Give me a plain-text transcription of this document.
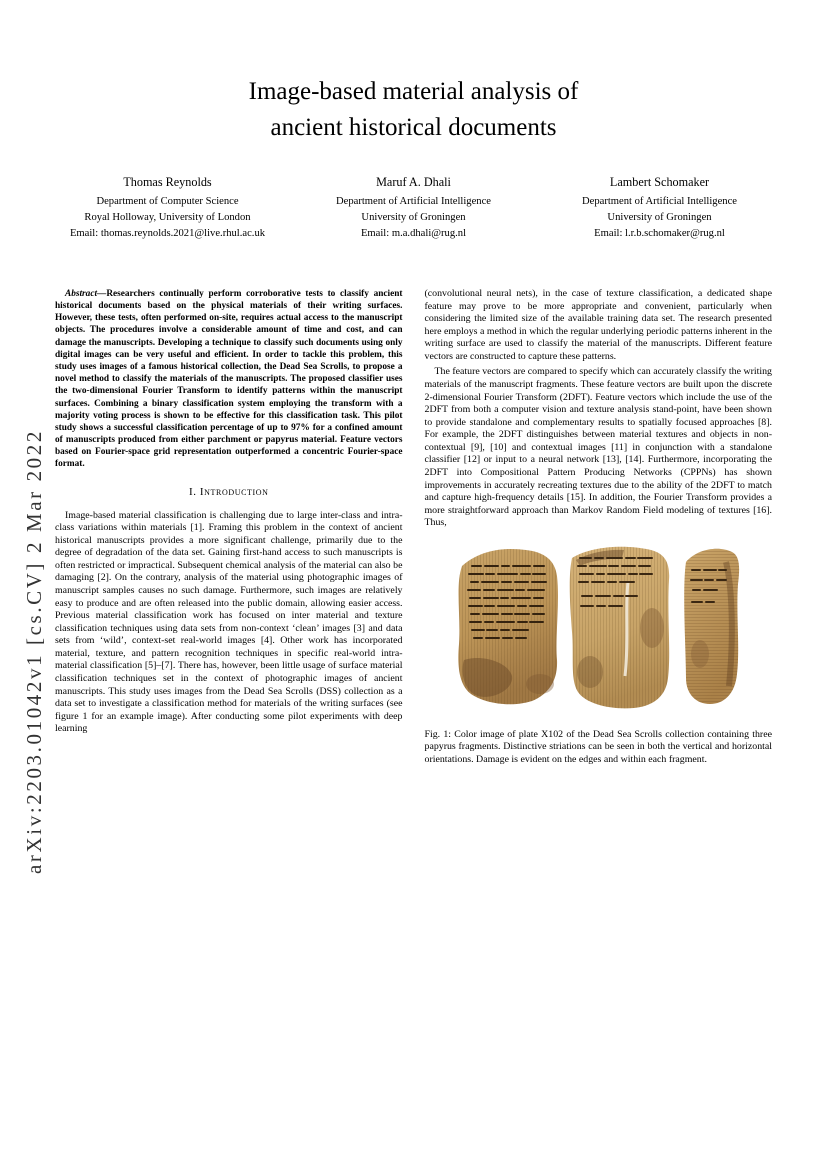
arXiv:2203.01042v1 [cs.CV] 2 Mar 2022
Image-based material analysis of
ancient historical documents
Thomas Reynolds
Department of Computer Science
Royal Holloway, University of London
Email: thomas.reynolds.2021@live.rhul.ac.uk
Maruf A. Dhali
Department of Artificial Intelligence
University of Groningen
Email: m.a.dhali@rug.nl
Lambert Schomaker
Department of Artificial Intelligence
University of Groningen
Email: l.r.b.schomaker@rug.nl

Abstract—Researchers continually perform corroborative tests to classify ancient historical documents based on the physical materials of their writing surfaces. However, these tests, often performed on-site, requires actual access to the manuscript objects. The procedures involve a considerable amount of time and cost, and can damage the manuscripts. Developing a technique to classify such documents using only digital images can be very useful and efficient. In order to tackle this problem, this study uses images of a famous historical collection, the Dead Sea Scrolls, to propose a novel method to classify the materials of the manuscripts. The proposed classifier uses the two-dimensional Fourier Transform to identify patterns within the manuscript surfaces. Combining a binary classification system employing the transform with a majority voting process is shown to be effective for this classification task. This pilot study shows a successful classification percentage of up to 97% for a confined amount of manuscripts produced from either parchment or papyrus material. Feature vectors based on Fourier-space grid representation outperformed a concentric Fourier-space format.

I. Introduction

Image-based material classification is challenging due to large inter-class and intra-class variations within materials [1]. Framing this problem in the context of ancient historical manuscripts provides a more significant challenge, primarily due to the degree of degradation of the data set. Gaining first-hand access to such manuscripts is often restricted or impractical. Subsequent chemical analysis of the material can also be damaging [2]. On the contrary, analysis of the material using photographic images of manuscript samples causes no such damage. Furthermore, such images are relatively easy to produce and are often released into the public domain, allowing easier access. Previous material classification work has focused on inter material and texture classification techniques using data sets from non-context ‘clean’ images [3] and data sets from ‘wild’, context-set real-world images [4]. Other work has incorporated material, texture, and pattern recognition techniques in specific real-world intra-material classification [5]–[7]. There has, however, been little usage of surface material classification techniques set in the context of photographic images of ancient manuscripts. This study uses images from the Dead Sea Scrolls (DSS) collection as a data set to investigate a classification method for materials of the writing surfaces (see figure 1 for an example image). After conducting some pilot experiments with deep learning

(convolutional neural nets), in the case of texture classification, a dedicated shape feature may prove to be more appropriate and convenient, particularly when considering the limited size of the available training data set. The research presented here employs a method in which the regular underlying periodic patterns inherent in the writing surface are used to classify the material of the manuscripts. Different feature vectors are constructed to capture these patterns.

The feature vectors are compared to specify which can accurately classify the writing materials of the manuscript fragments. These feature vectors are built upon the discrete 2-dimensional Fourier Transform (2DFT). Feature vectors which include the use of the 2DFT from both a computer vision and texture analysis stand-point, have been shown to provide standalone and complementary results to spatially focused approaches [8]. For example, the 2DFT distinguishes between material textures and objects in non-contextual [9], [10] and contextual images [11] in conjunction with a standalone classifier [12] or input to a neural network [13], [14]. Furthermore, incorporating the 2DFT into Compositional Pattern Producing Networks (CPPNs) has shown improvements in accurately recreating textures due to the ability of the 2DFT to match and capture high-frequency details [15]. In addition, the Fourier Transform provides a more straightforward approach than Markov Random Field modeling of textures [16]. Thus,

Fig. 1: Color image of plate X102 of the Dead Sea Scrolls collection containing three papyrus fragments. Distinctive striations can be seen in both the vertical and horizontal orientations. Damage is evident on the edges and within each fragment.
